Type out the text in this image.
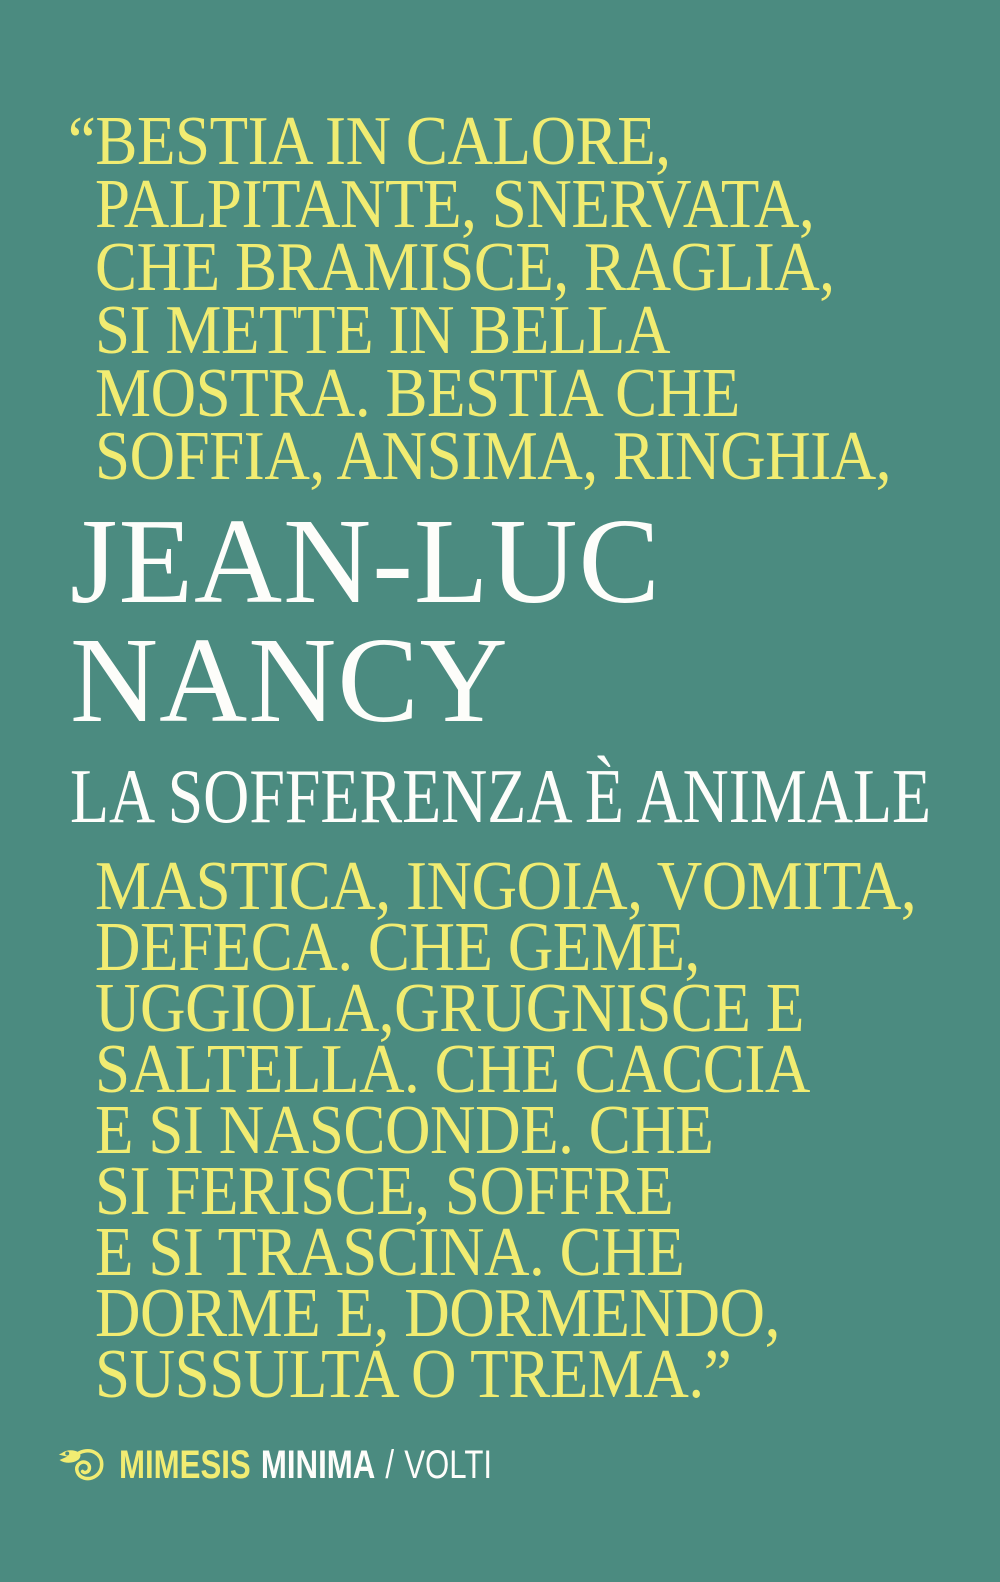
“BESTIA IN CALORE,
PALPITANTE, SNERVATA,
CHE BRAMISCE, RAGLIA,
SI METTE IN BELLA
MOSTRA. BESTIA CHE
SOFFIA, ANSIMA, RINGHIA,
JEAN-LUC
NANCY
LA SOFFERENZA È ANIMALE
MASTICA, INGOIA, VOMITA,
DEFECA. CHE GEME,
UGGIOLA,GRUGNISCE E
SALTELLA. CHE CACCIA
E SI NASCONDE. CHE
SI FERISCE, SOFFRE
E SI TRASCINA. CHE
DORME E, DORMENDO,
SUSSULTA O TREMA.”
MIMESIS MINIMA / VOLTI
